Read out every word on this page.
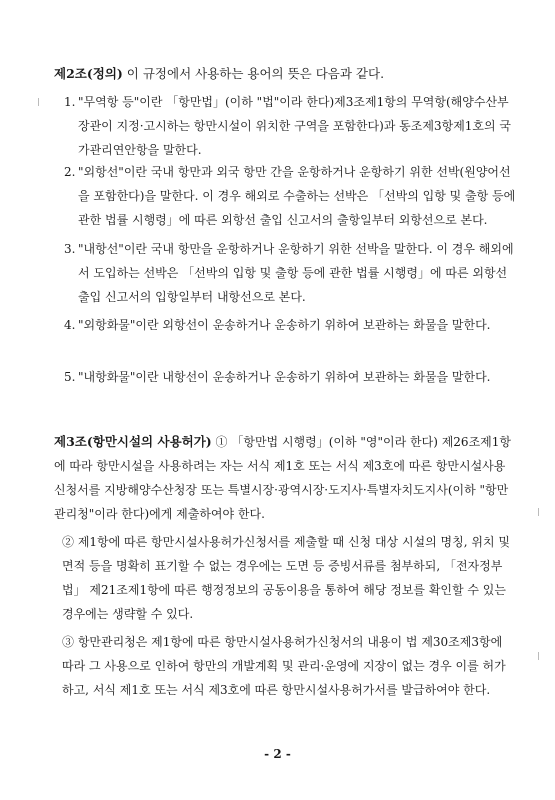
제2조(정의) 이 규정에서 사용하는 용어의 뜻은 다음과 같다.
1. "무역항 등"이란 「항만법」(이하 "법"이라 한다)제3조제1항의 무역항(해양수산부장관이 지정·고시하는 항만시설이 위치한 구역을 포함한다)과 동조제3항제1호의 국가관리연안항을 말한다.
2. "외항선"이란 국내 항만과 외국 항만 간을 운항하거나 운항하기 위한 선박(원양어선을 포함한다)을 말한다. 이 경우 해외로 수출하는 선박은 「선박의 입항 및 출항 등에 관한 법률 시행령」에 따른 외항선 출입 신고서의 출항일부터 외항선으로 본다.
3. "내항선"이란 국내 항만을 운항하거나 운항하기 위한 선박을 말한다. 이 경우 해외에서 도입하는 선박은 「선박의 입항 및 출항 등에 관한 법률 시행령」에 따른 외항선 출입 신고서의 입항일부터 내항선으로 본다.
4. "외항화물"이란 외항선이 운송하거나 운송하기 위하여 보관하는 화물을 말한다.
5. "내항화물"이란 내항선이 운송하거나 운송하기 위하여 보관하는 화물을 말한다.
제3조(항만시설의 사용허가) ① 「항만법 시행령」(이하 "영"이라 한다) 제26조제1항에 따라 항만시설을 사용하려는 자는 서식 제1호 또는 서식 제3호에 따른 항만시설사용신청서를 지방해양수산청장 또는 특별시장·광역시장·도지사·특별자치도지사(이하 "항만관리청"이라 한다)에게 제출하여야 한다.
② 제1항에 따른 항만시설사용허가신청서를 제출할 때 신청 대상 시설의 명칭, 위치 및 면적 등을 명확히 표기할 수 없는 경우에는 도면 등 증빙서류를 첨부하되, 「전자정부법」 제21조제1항에 따른 행정정보의 공동이용을 통하여 해당 정보를 확인할 수 있는 경우에는 생략할 수 있다.
③ 항만관리청은 제1항에 따른 항만시설사용허가신청서의 내용이 법 제30조제3항에 따라 그 사용으로 인하여 항만의 개발계획 및 관리·운영에 지장이 없는 경우 이를 허가하고, 서식 제1호 또는 서식 제3호에 따른 항만시설사용허가서를 발급하여야 한다.
- 2 -
